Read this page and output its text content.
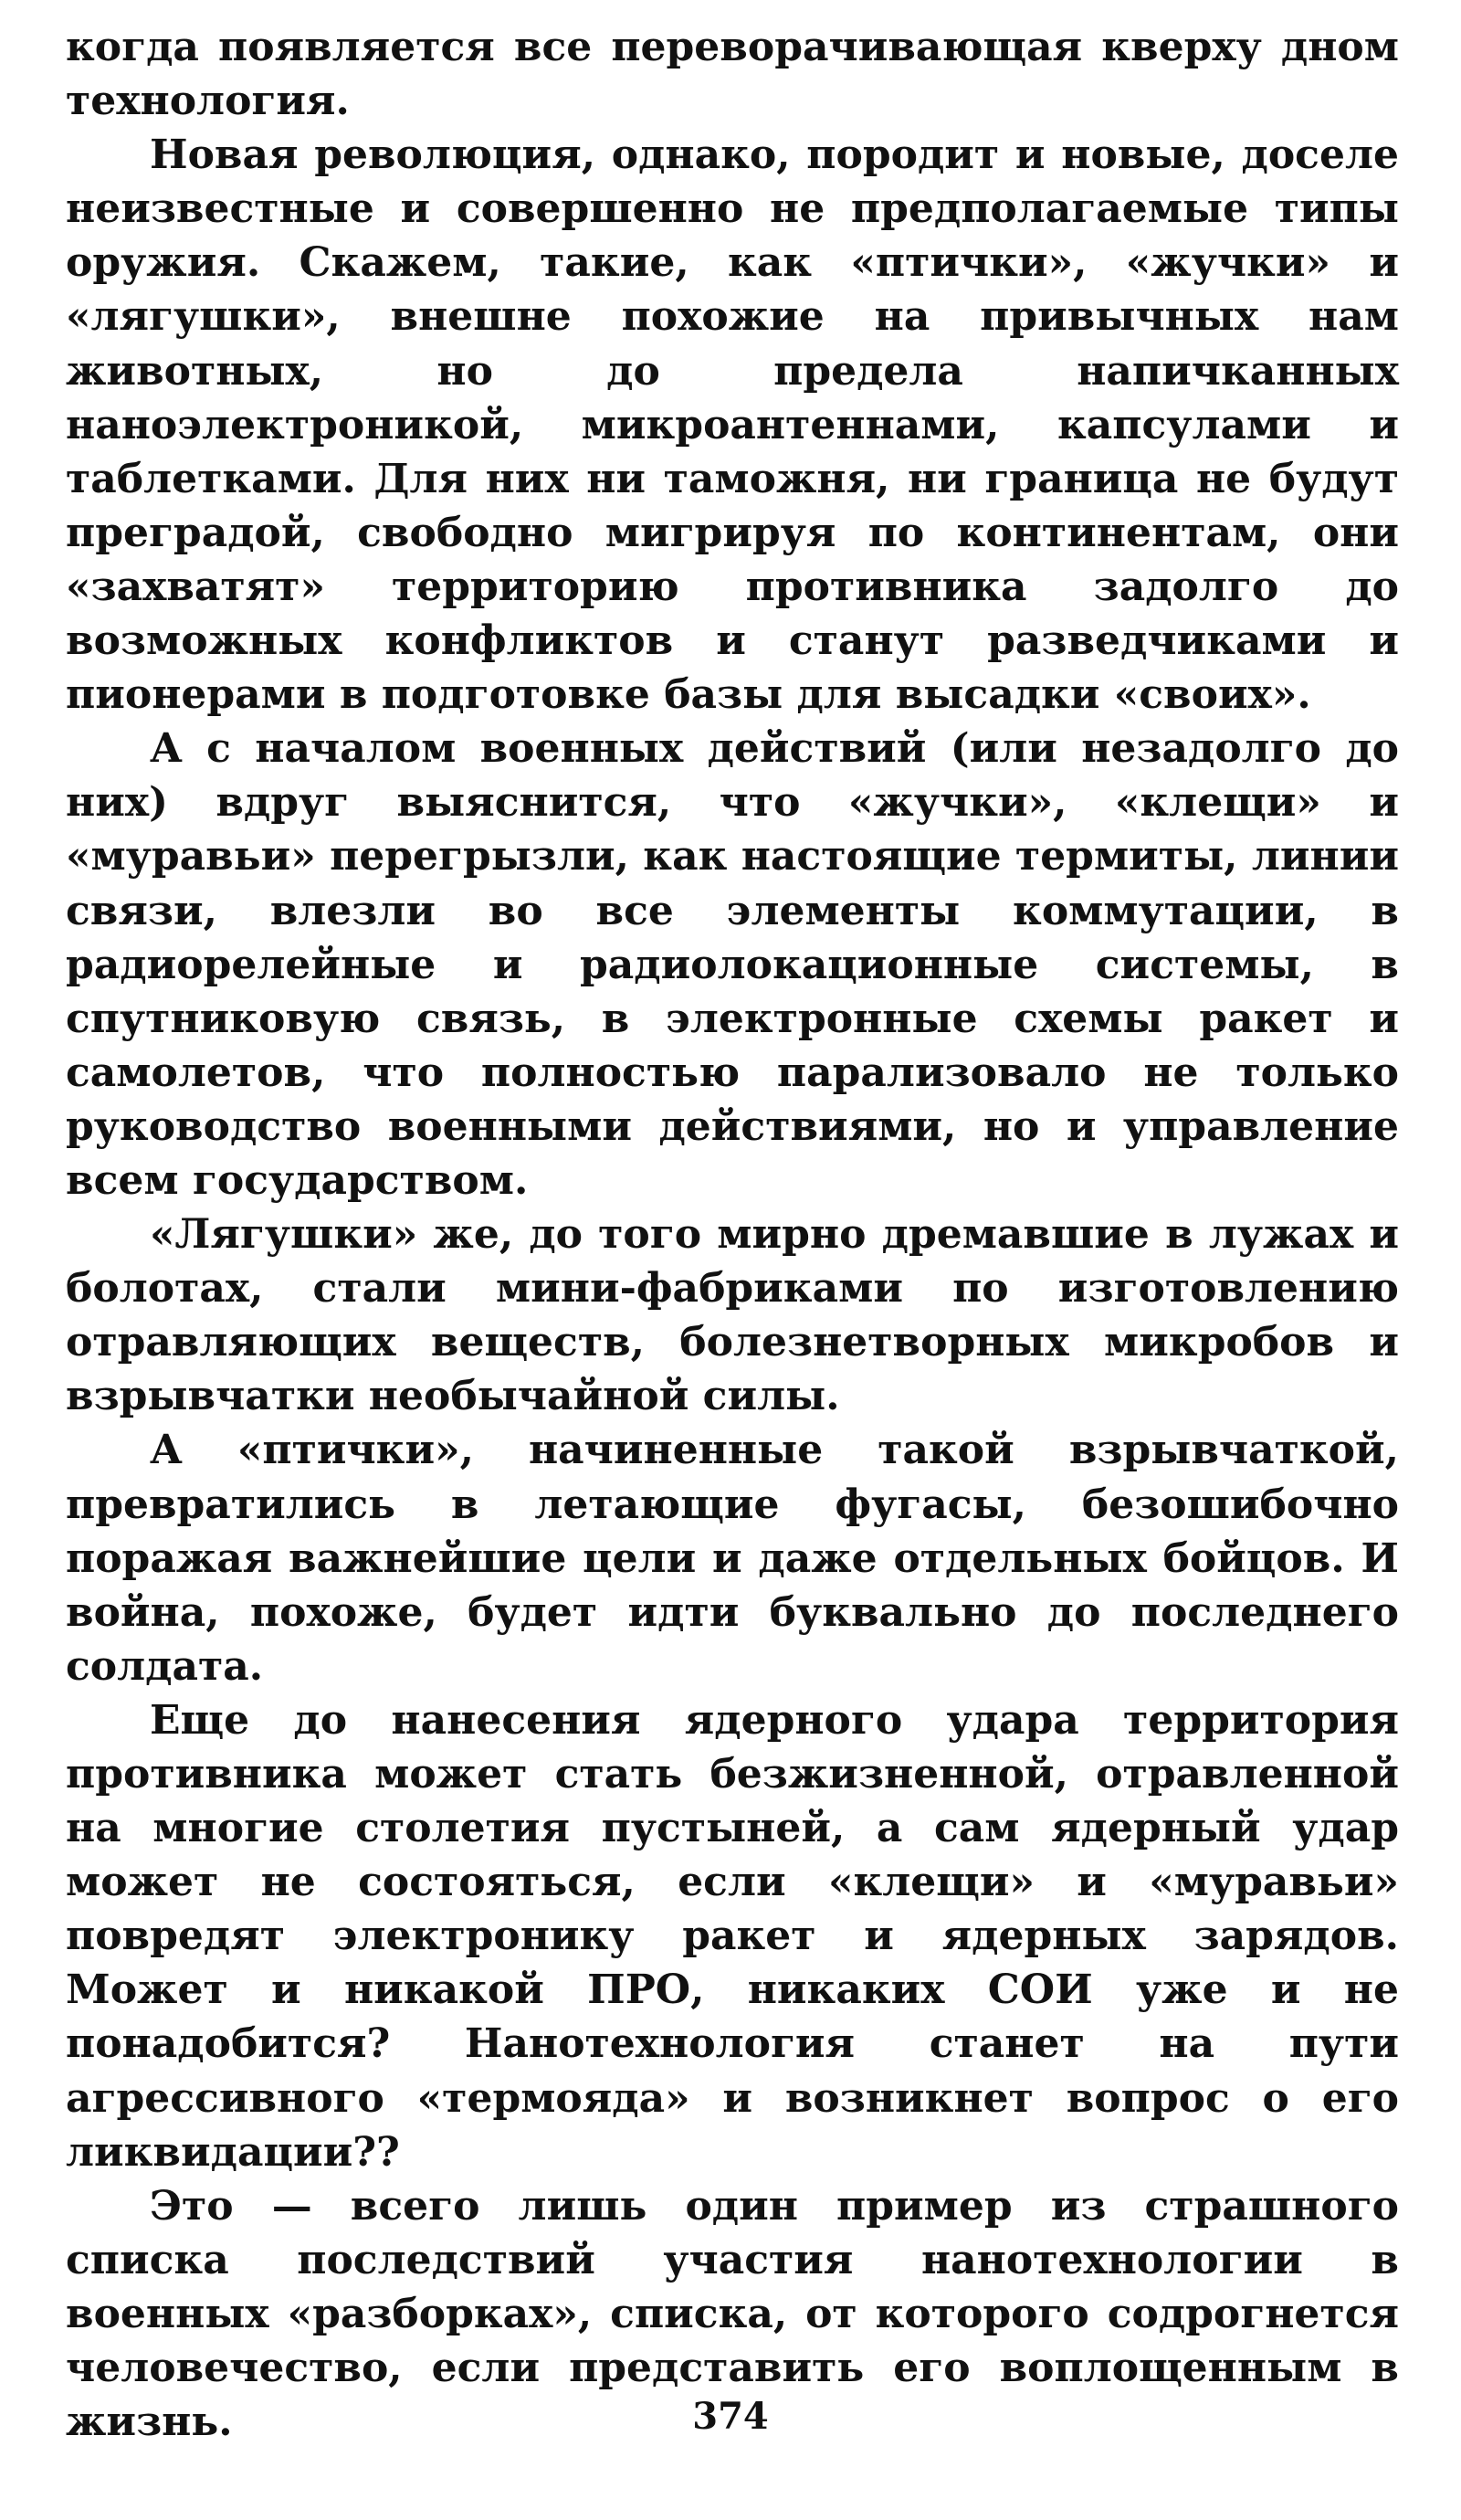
когда появляется все переворачивающая кверху дном технология.

Новая революция, однако, породит и новые, доселе неизвестные и совершенно не предполагаемые типы оружия. Скажем, такие, как «птички», «жучки» и «лягушки», внешне похожие на привычных нам животных, но до предела напичканных наноэлектроникой, микроантеннами, капсулами и таблетками. Для них ни таможня, ни граница не будут преградой, свободно мигрируя по континентам, они «захватят» территорию противника задолго до возможных конфликтов и станут разведчиками и пионерами в подготовке базы для высадки «своих».

А с началом военных действий (или незадолго до них) вдруг выяснится, что «жучки», «клещи» и «муравьи» перегрызли, как настоящие термиты, линии связи, влезли во все элементы коммутации, в радиорелейные и радиолокационные системы, в спутниковую связь, в электронные схемы ракет и самолетов, что полностью парализовало не только руководство военными действиями, но и управление всем государством.

«Лягушки» же, до того мирно дремавшие в лужах и болотах, стали мини-фабриками по изготовлению отравляющих веществ, болезнетворных микробов и взрывчатки необычайной силы.

А «птички», начиненные такой взрывчаткой, превратились в летающие фугасы, безошибочно поражая важнейшие цели и даже отдельных бойцов. И война, похоже, будет идти буквально до последнего солдата.

Еще до нанесения ядерного удара территория противника может стать безжизненной, отравленной на многие столетия пустыней, а сам ядерный удар может не состояться, если «клещи» и «муравьи» повредят электронику ракет и ядерных зарядов. Может и никакой ПРО, никаких СОИ уже и не понадобится? Нанотехнология станет на пути агрессивного «термояда» и возникнет вопрос о его ликвидации??

Это — всего лишь один пример из страшного списка последствий участия нанотехнологии в военных «разборках», списка, от которого содрогнется человечество, если представить его воплощенным в жизнь.	374
